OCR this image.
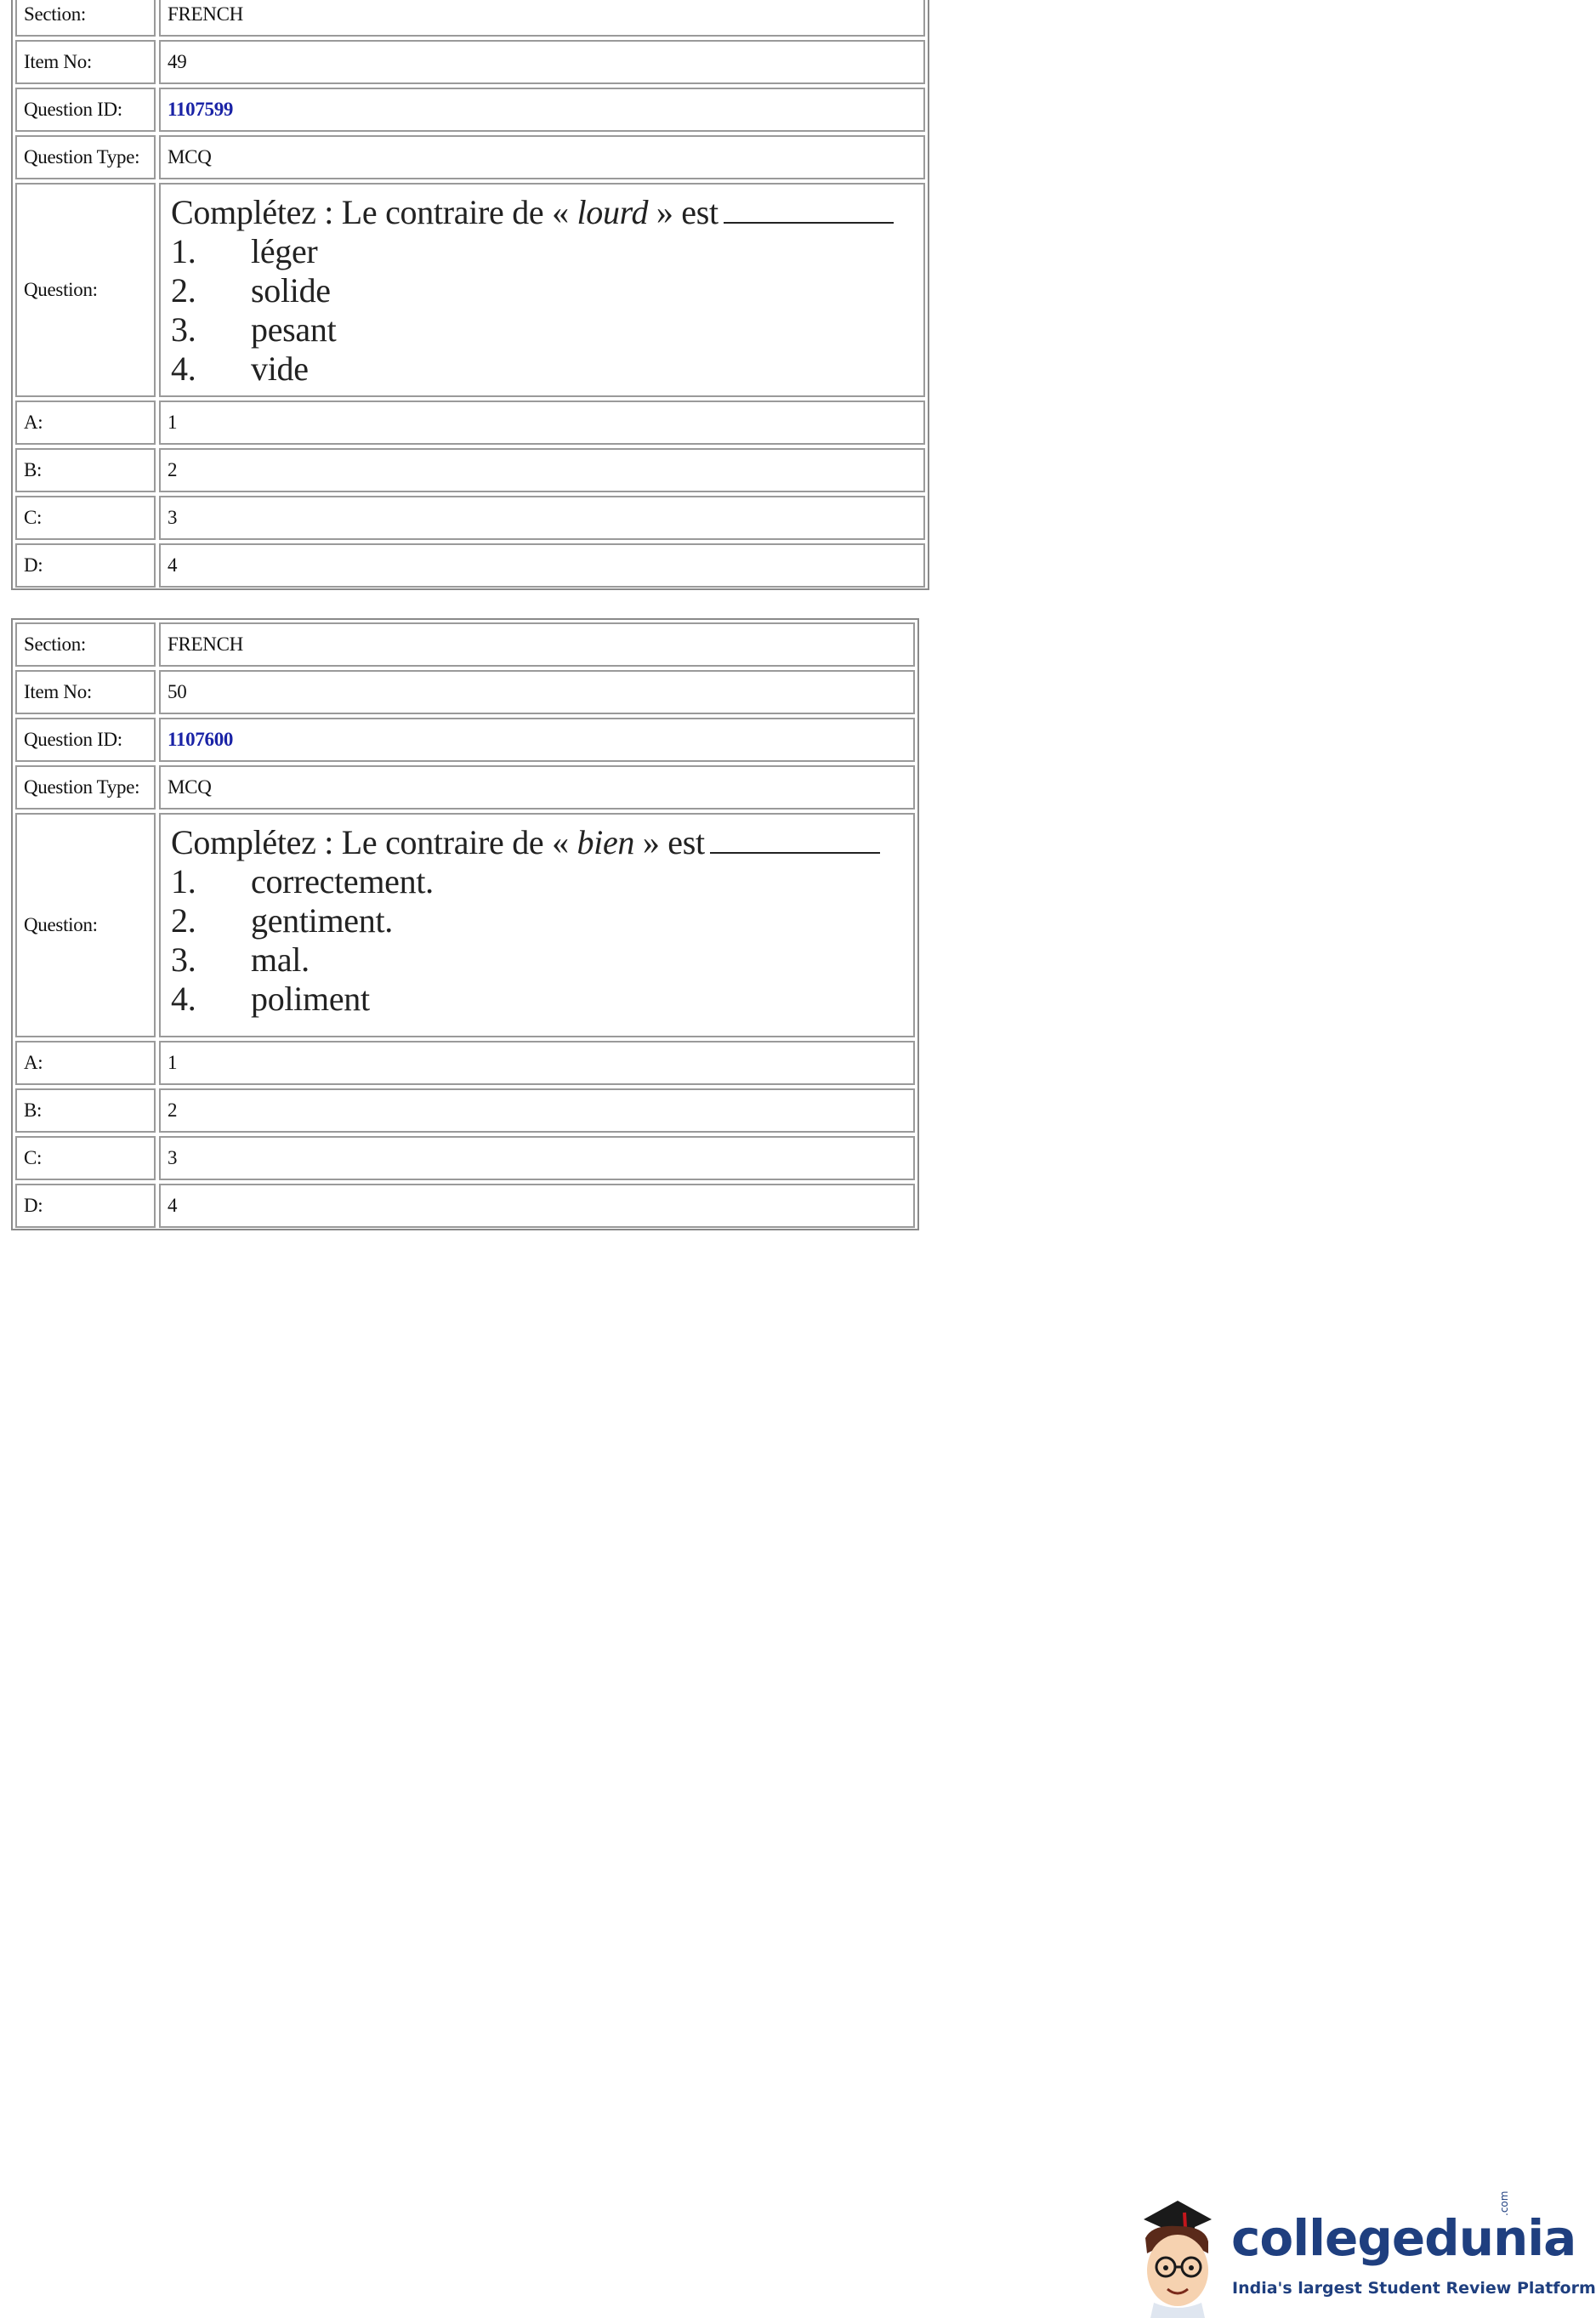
Section:	FRENCH
Item No:	49
Question ID:	1107599
Question Type:	MCQ
Question:
Complétez : Le contraire de « lourd » est
1.	léger
2.	solide
3.	pesant
4.	vide
A:	1
B:	2
C:	3
D:	4
Section:	FRENCH
Item No:	50
Question ID:	1107600
Question Type:	MCQ
Question:
Complétez : Le contraire de « bien » est
1.	correctement.
2.	gentiment.
3.	mal.
4.	poliment
A:	1
B:	2
C:	3
D:	4
collegedunia
.com
India's largest Student Review Platform
